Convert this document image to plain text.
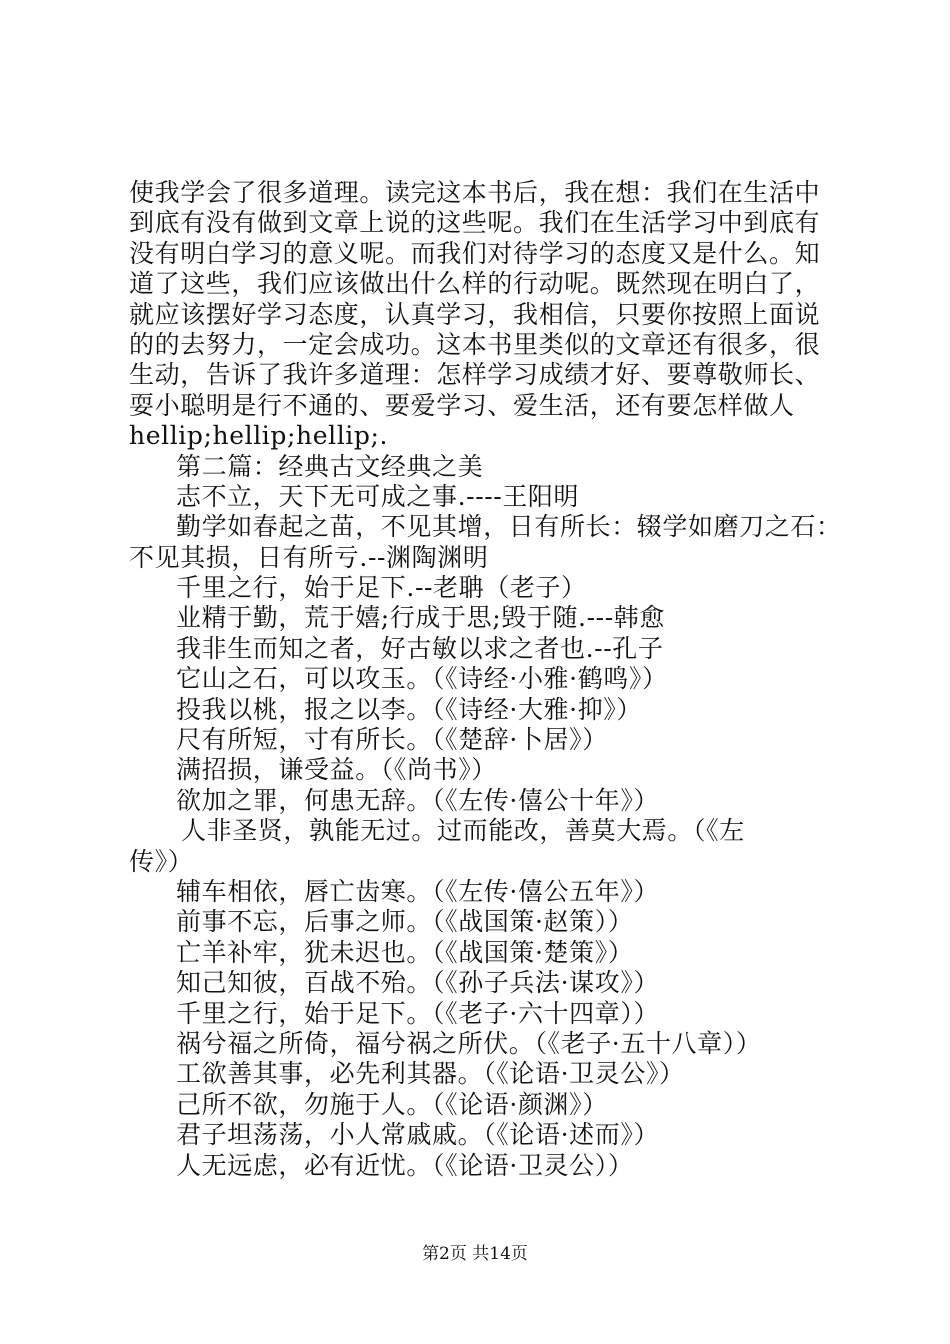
使我学会了很多道理。读完这本书后，我在想：我们在生活中
到底有没有做到文章上说的这些呢。我们在生活学习中到底有
没有明白学习的意义呢。而我们对待学习的态度又是什么。知
道了这些，我们应该做出什么样的行动呢。既然现在明白了，
就应该摆好学习态度，认真学习，我相信，只要你按照上面说
的的去努力，一定会成功。这本书里类似的文章还有很多，很
生动，告诉了我许多道理：怎样学习成绩才好、要尊敬师长、
耍小聪明是行不通的、要爱学习、爱生活，还有要怎样做人
hellip;hellip;hellip;.
第二篇：经典古文经典之美
志不立，天下无可成之事.----王阳明
勤学如春起之苗，不见其增，日有所长：辍学如磨刀之石：
不见其损，日有所亏.--渊陶渊明
千里之行，始于足下.--老聃（老子）
业精于勤，荒于嬉;行成于思;毁于随.---韩愈
我非生而知之者，好古敏以求之者也.--孔子
它山之石，可以攻玉。（《诗经·小雅·鹤鸣》）
投我以桃，报之以李。（《诗经·大雅·抑》）
尺有所短，寸有所长。（《楚辞·卜居》）
满招损，谦受益。（《尚书》）
欲加之罪，何患无辞。（《左传·僖公十年》）
人非圣贤，孰能无过。过而能改，善莫大焉。（《左
传》）
辅车相依，唇亡齿寒。（《左传·僖公五年》）
前事不忘，后事之师。（《战国策·赵策））
亡羊补牢，犹未迟也。（《战国策·楚策》）
知己知彼，百战不殆。（《孙子兵法·谋攻》）
千里之行，始于足下。（《老子·六十四章））
祸兮福之所倚，福兮祸之所伏。（《老子·五十八章））
工欲善其事，必先利其器。（《论语·卫灵公》）
己所不欲，勿施于人。（《论语·颜渊》）
君子坦荡荡，小人常戚戚。（《论语·述而》）
人无远虑，必有近忧。（《论语·卫灵公））
第2页 共14页
